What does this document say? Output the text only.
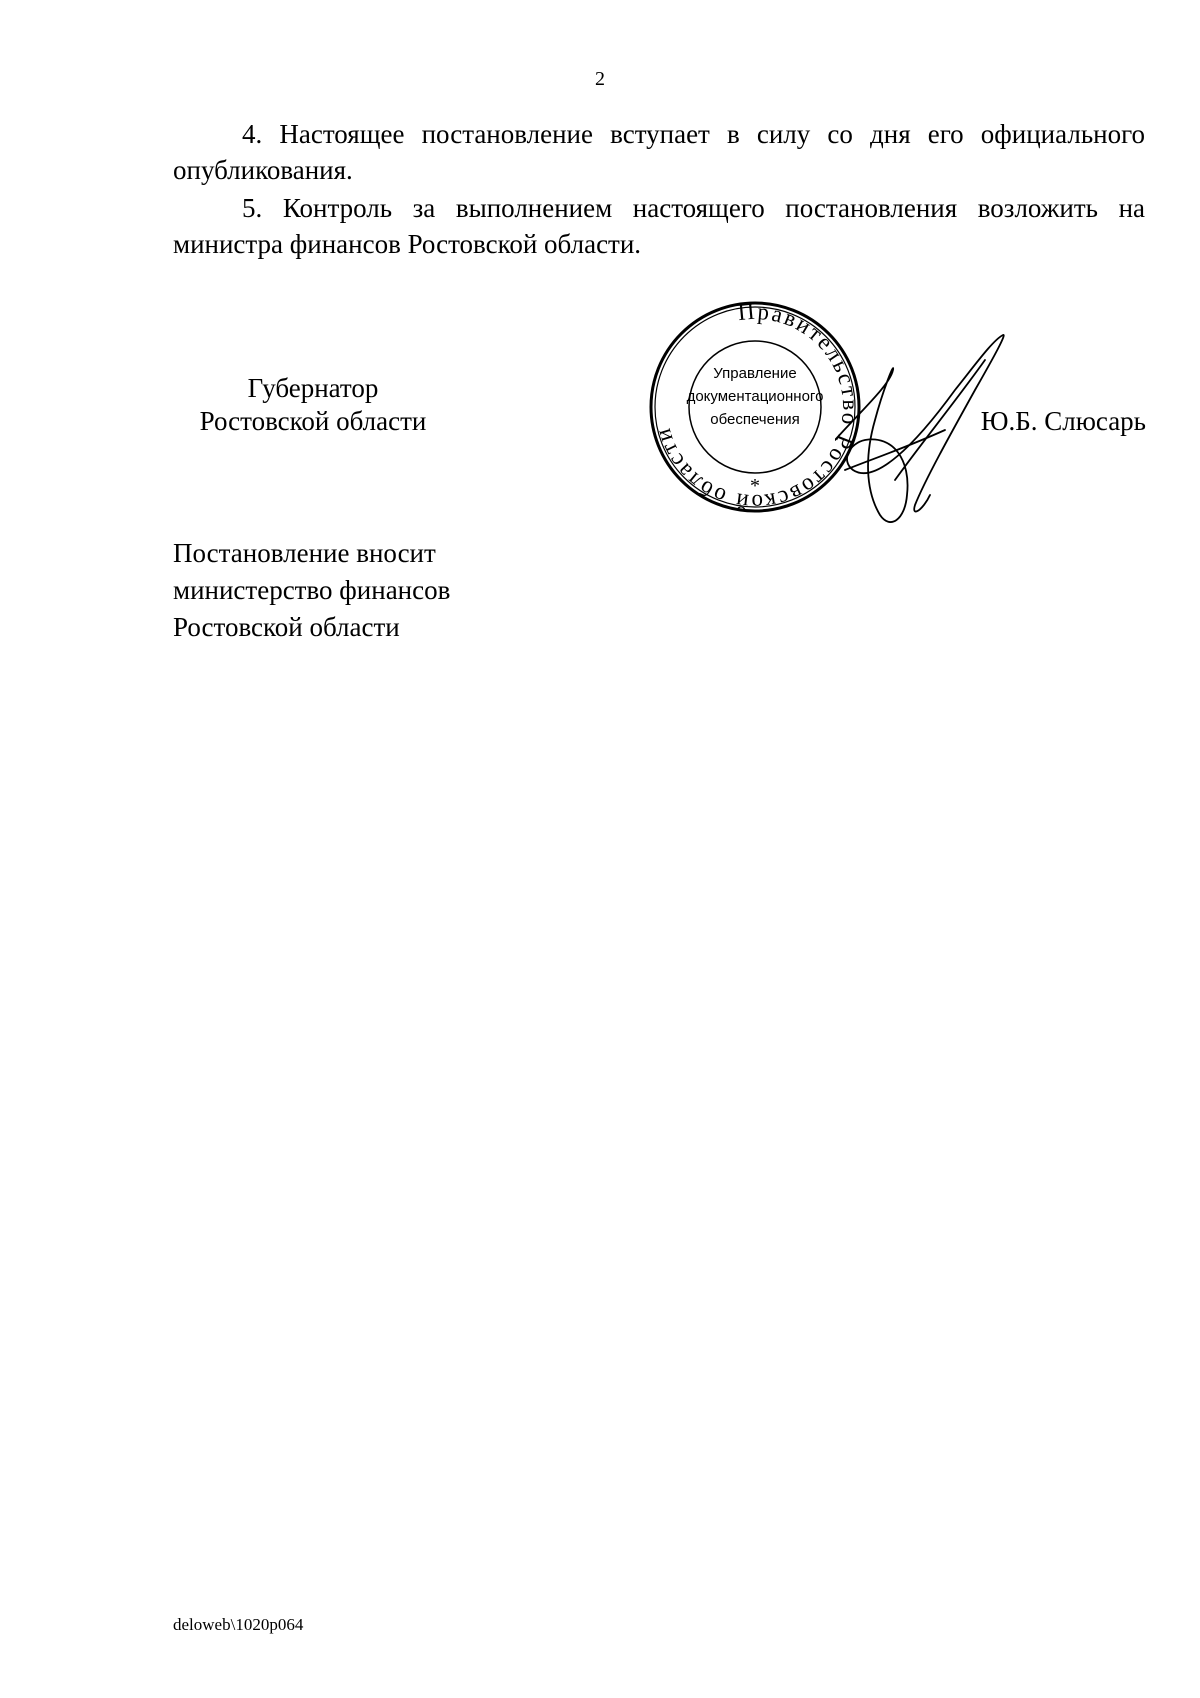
2

4. Настоящее постановление вступает в силу со дня его официального опубликования.

5. Контроль за выполнением настоящего постановления возложить на министра финансов Ростовской области.

Губернатор
Ростовской области
Правительство Ростовской области
*
Управление
документационного
обеспечения	Ю.Б. Слюсарь
Постановление вносит
министерство финансов
Ростовской области
deloweb\1020p064
